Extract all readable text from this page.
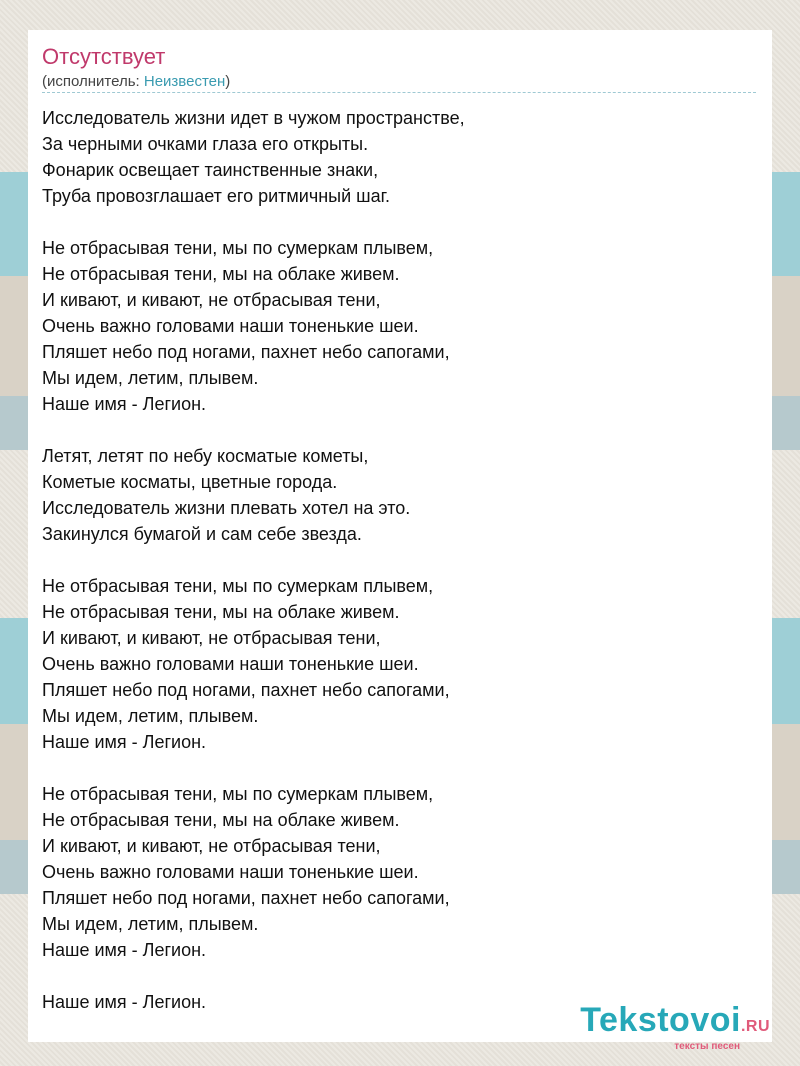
Отсутствует
(исполнитель: Неизвестен)
Исследователь жизни идет в чужом пространстве,
За черными очками глаза его открыты.
Фонарик освещает таинственные знаки,
Труба провозглашает его ритмичный шаг.
Не отбрасывая тени, мы по сумеркам плывем,
Не отбрасывая тени, мы на облаке живем.
И кивают, и кивают, не отбрасывая тени,
Очень важно головами наши тоненькие шеи.
Пляшет небо под ногами, пахнет небо сапогами,
Мы идем, летим, плывем.
Наше имя - Легион.
Летят, летят по небу косматые кометы,
Кометые косматы, цветные города.
Исследователь жизни плевать хотел на это.
Закинулся бумагой и сам себе звезда.
Не отбрасывая тени, мы по сумеркам плывем,
Не отбрасывая тени, мы на облаке живем.
И кивают, и кивают, не отбрасывая тени,
Очень важно головами наши тоненькие шеи.
Пляшет небо под ногами, пахнет небо сапогами,
Мы идем, летим, плывем.
Наше имя - Легион.
Не отбрасывая тени, мы по сумеркам плывем,
Не отбрасывая тени, мы на облаке живем.
И кивают, и кивают, не отбрасывая тени,
Очень важно головами наши тоненькие шеи.
Пляшет небо под ногами, пахнет небо сапогами,
Мы идем, летим, плывем.
Наше имя - Легион.
Наше имя - Легион.	Tekstovoi.RU
тексты песен
